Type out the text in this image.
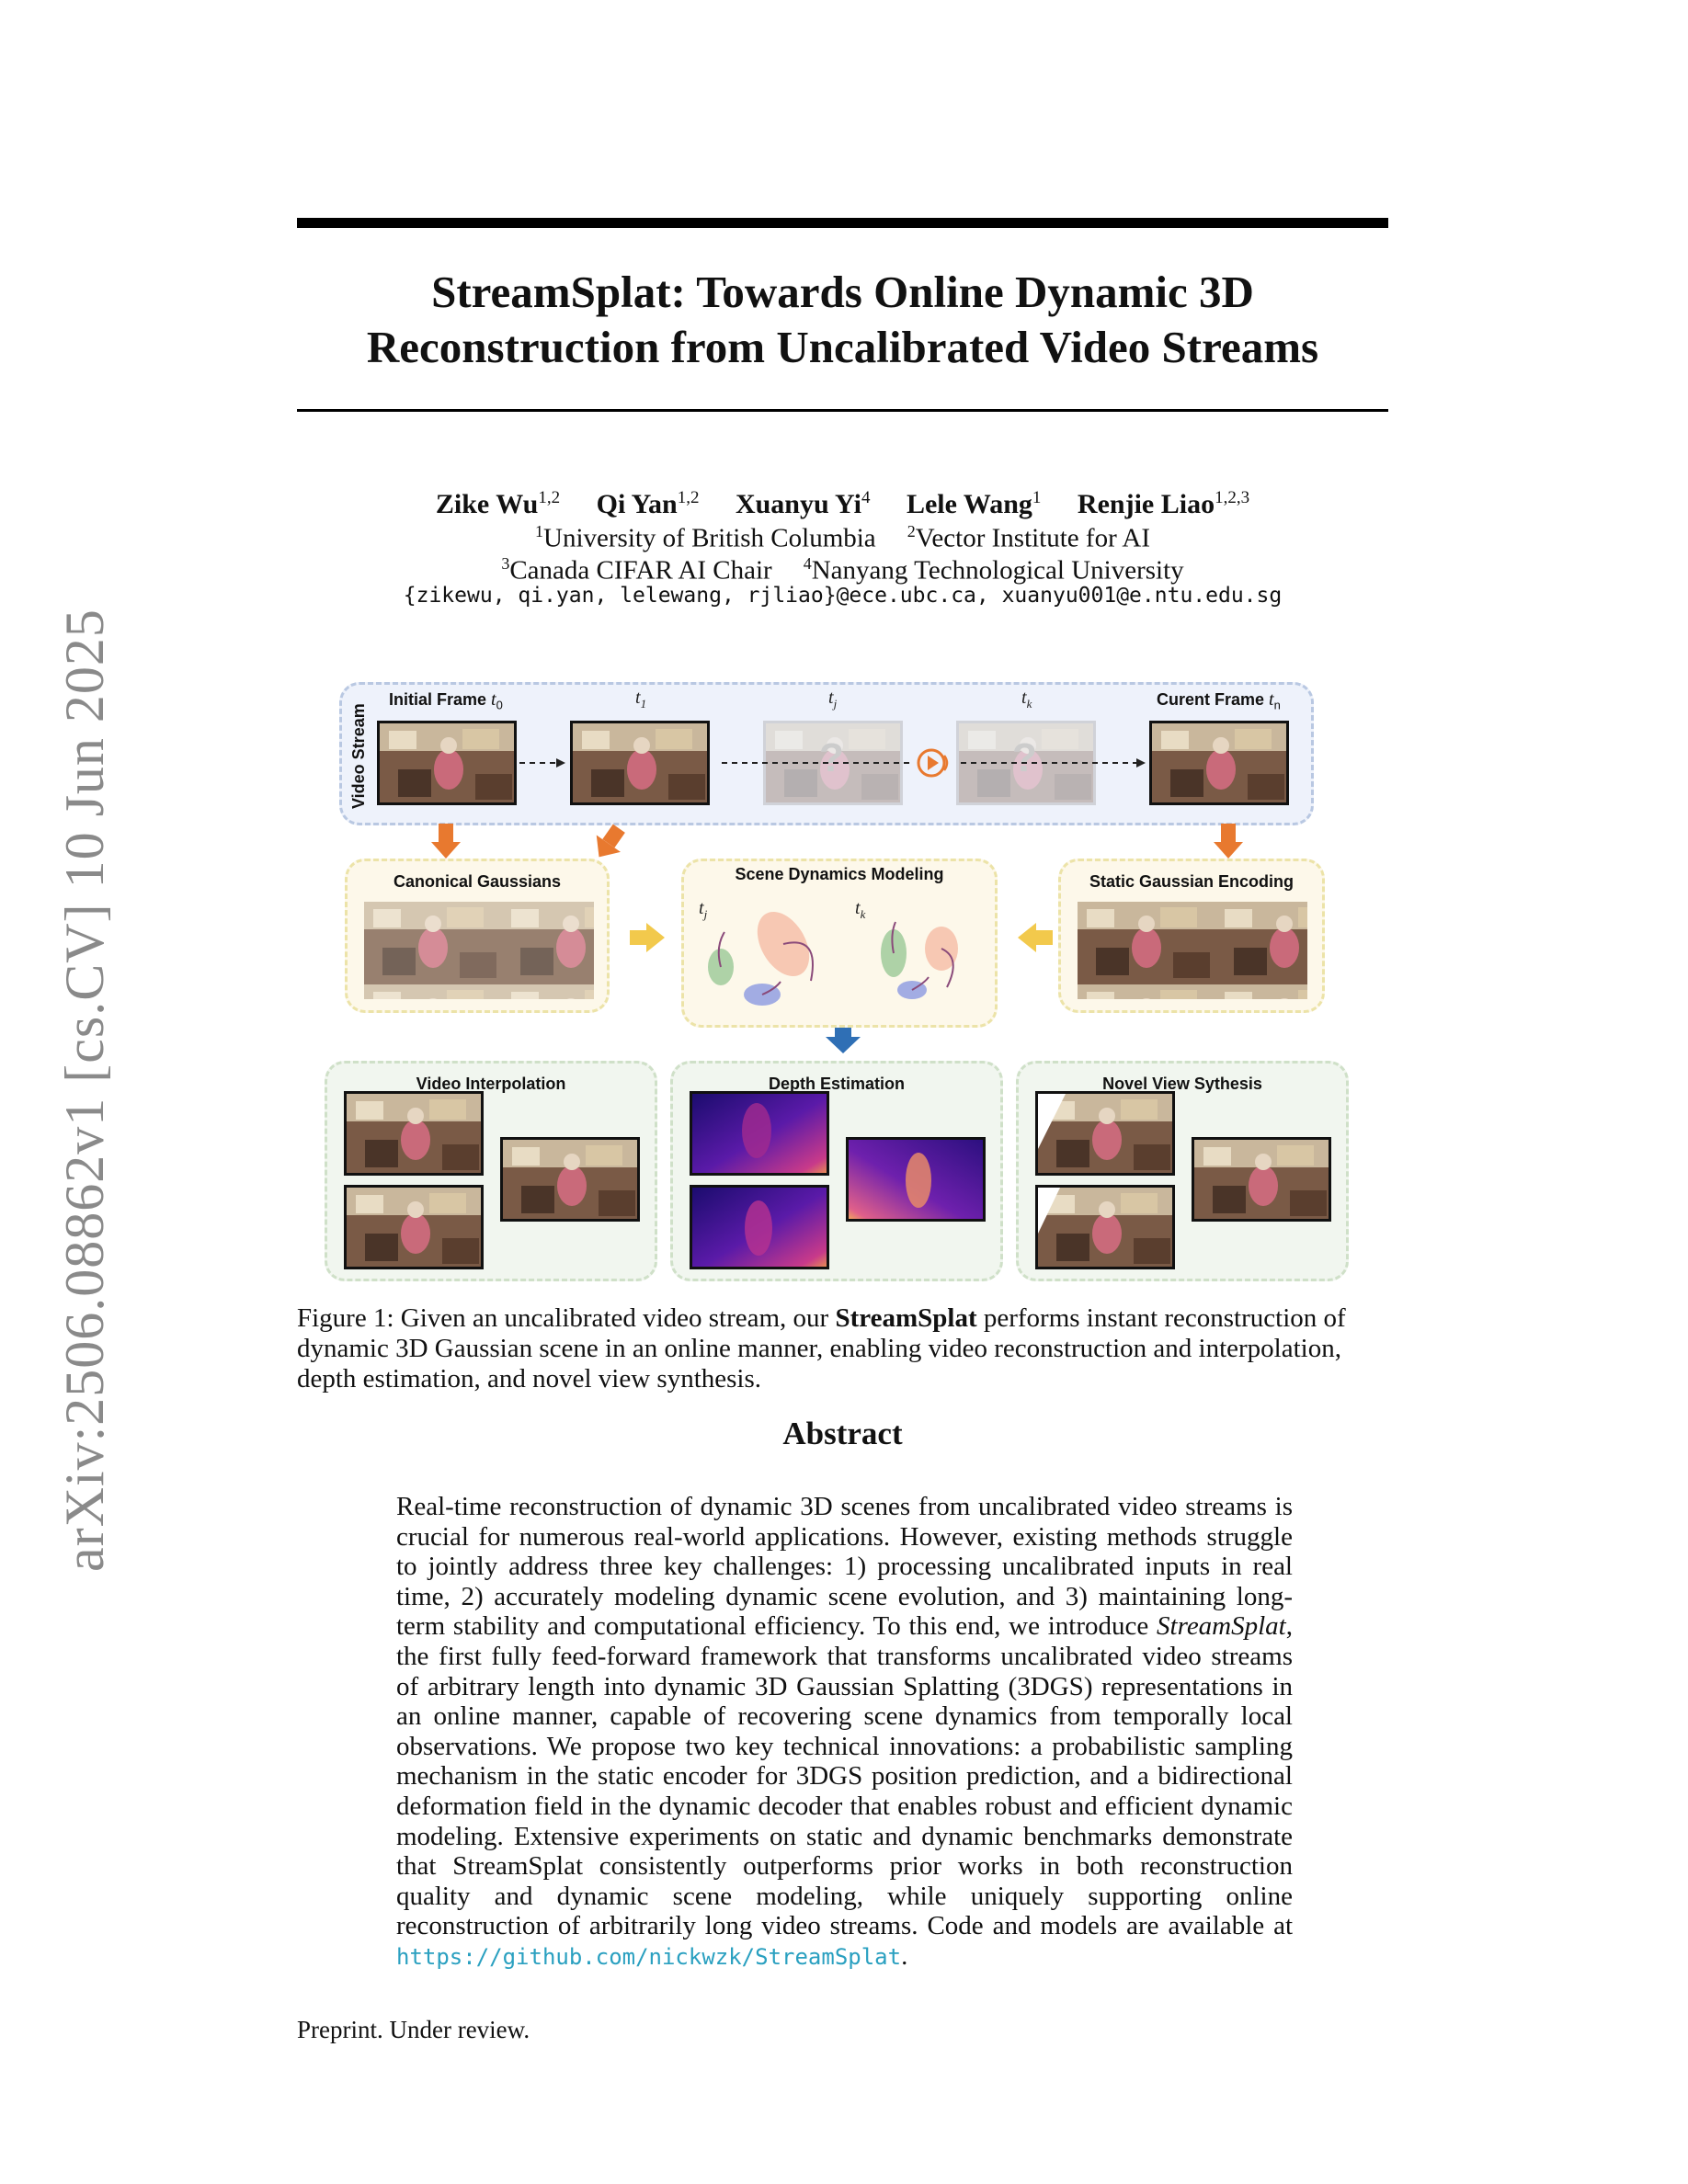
arXiv:2506.08862v1 [cs.CV] 10 Jun 2025
StreamSplat: Towards Online Dynamic 3D
Reconstruction from Uncalibrated Video Streams
Zike Wu$^{1,2}$ Qi Yan$^{1,2}$ Xuanyu Yi$^4$ Lele Wang$^1$ Renjie Liao$^{1,2,3}$
$^1$University of British Columbia $^2$Vector Institute for AI
$^3$Canada CIFAR AI Chair $^4$Nanyang Technological University
{zikewu, qi.yan, lelewang, rjliao}@ece.ubc.ca, xuanyu001@e.ntu.edu.sg
Video Stream
Initial Frame $t_0$	$t_1$	$t_j$	$t_k$	Curent Frame $t_n$
?	?
Canonical Gaussians	Scene Dynamics Modeling
$t_j$	$t_k$
Static Gaussian Encoding
Video Interpolation	Depth Estimation	Novel View Sythesis
Figure 1: Given an uncalibrated video stream, our StreamSplat performs instant reconstruction of dynamic 3D Gaussian scene in an online manner, enabling video reconstruction and interpolation, depth estimation, and novel view synthesis.
Abstract
Real-time reconstruction of dynamic 3D scenes from uncalibrated video streams is crucial for numerous real-world applications. However, existing methods struggle to jointly address three key challenges: 1) processing uncalibrated inputs in real time, 2) accurately modeling dynamic scene evolution, and 3) maintaining long-term stability and computational efficiency. To this end, we introduce StreamSplat, the first fully feed-forward framework that transforms uncalibrated video streams of arbitrary length into dynamic 3D Gaussian Splatting (3DGS) representations in an online manner, capable of recovering scene dynamics from temporally local observations. We propose two key technical innovations: a probabilistic sampling mechanism in the static encoder for 3DGS position prediction, and a bidirectional deformation field in the dynamic decoder that enables robust and efficient dynamic modeling. Extensive experiments on static and dynamic benchmarks demonstrate that StreamSplat consistently outperforms prior works in both reconstruction quality and dynamic scene modeling, while uniquely supporting online reconstruction of arbitrarily long video streams. Code and models are available at https://github.com/nickwzk/StreamSplat.
Preprint. Under review.
